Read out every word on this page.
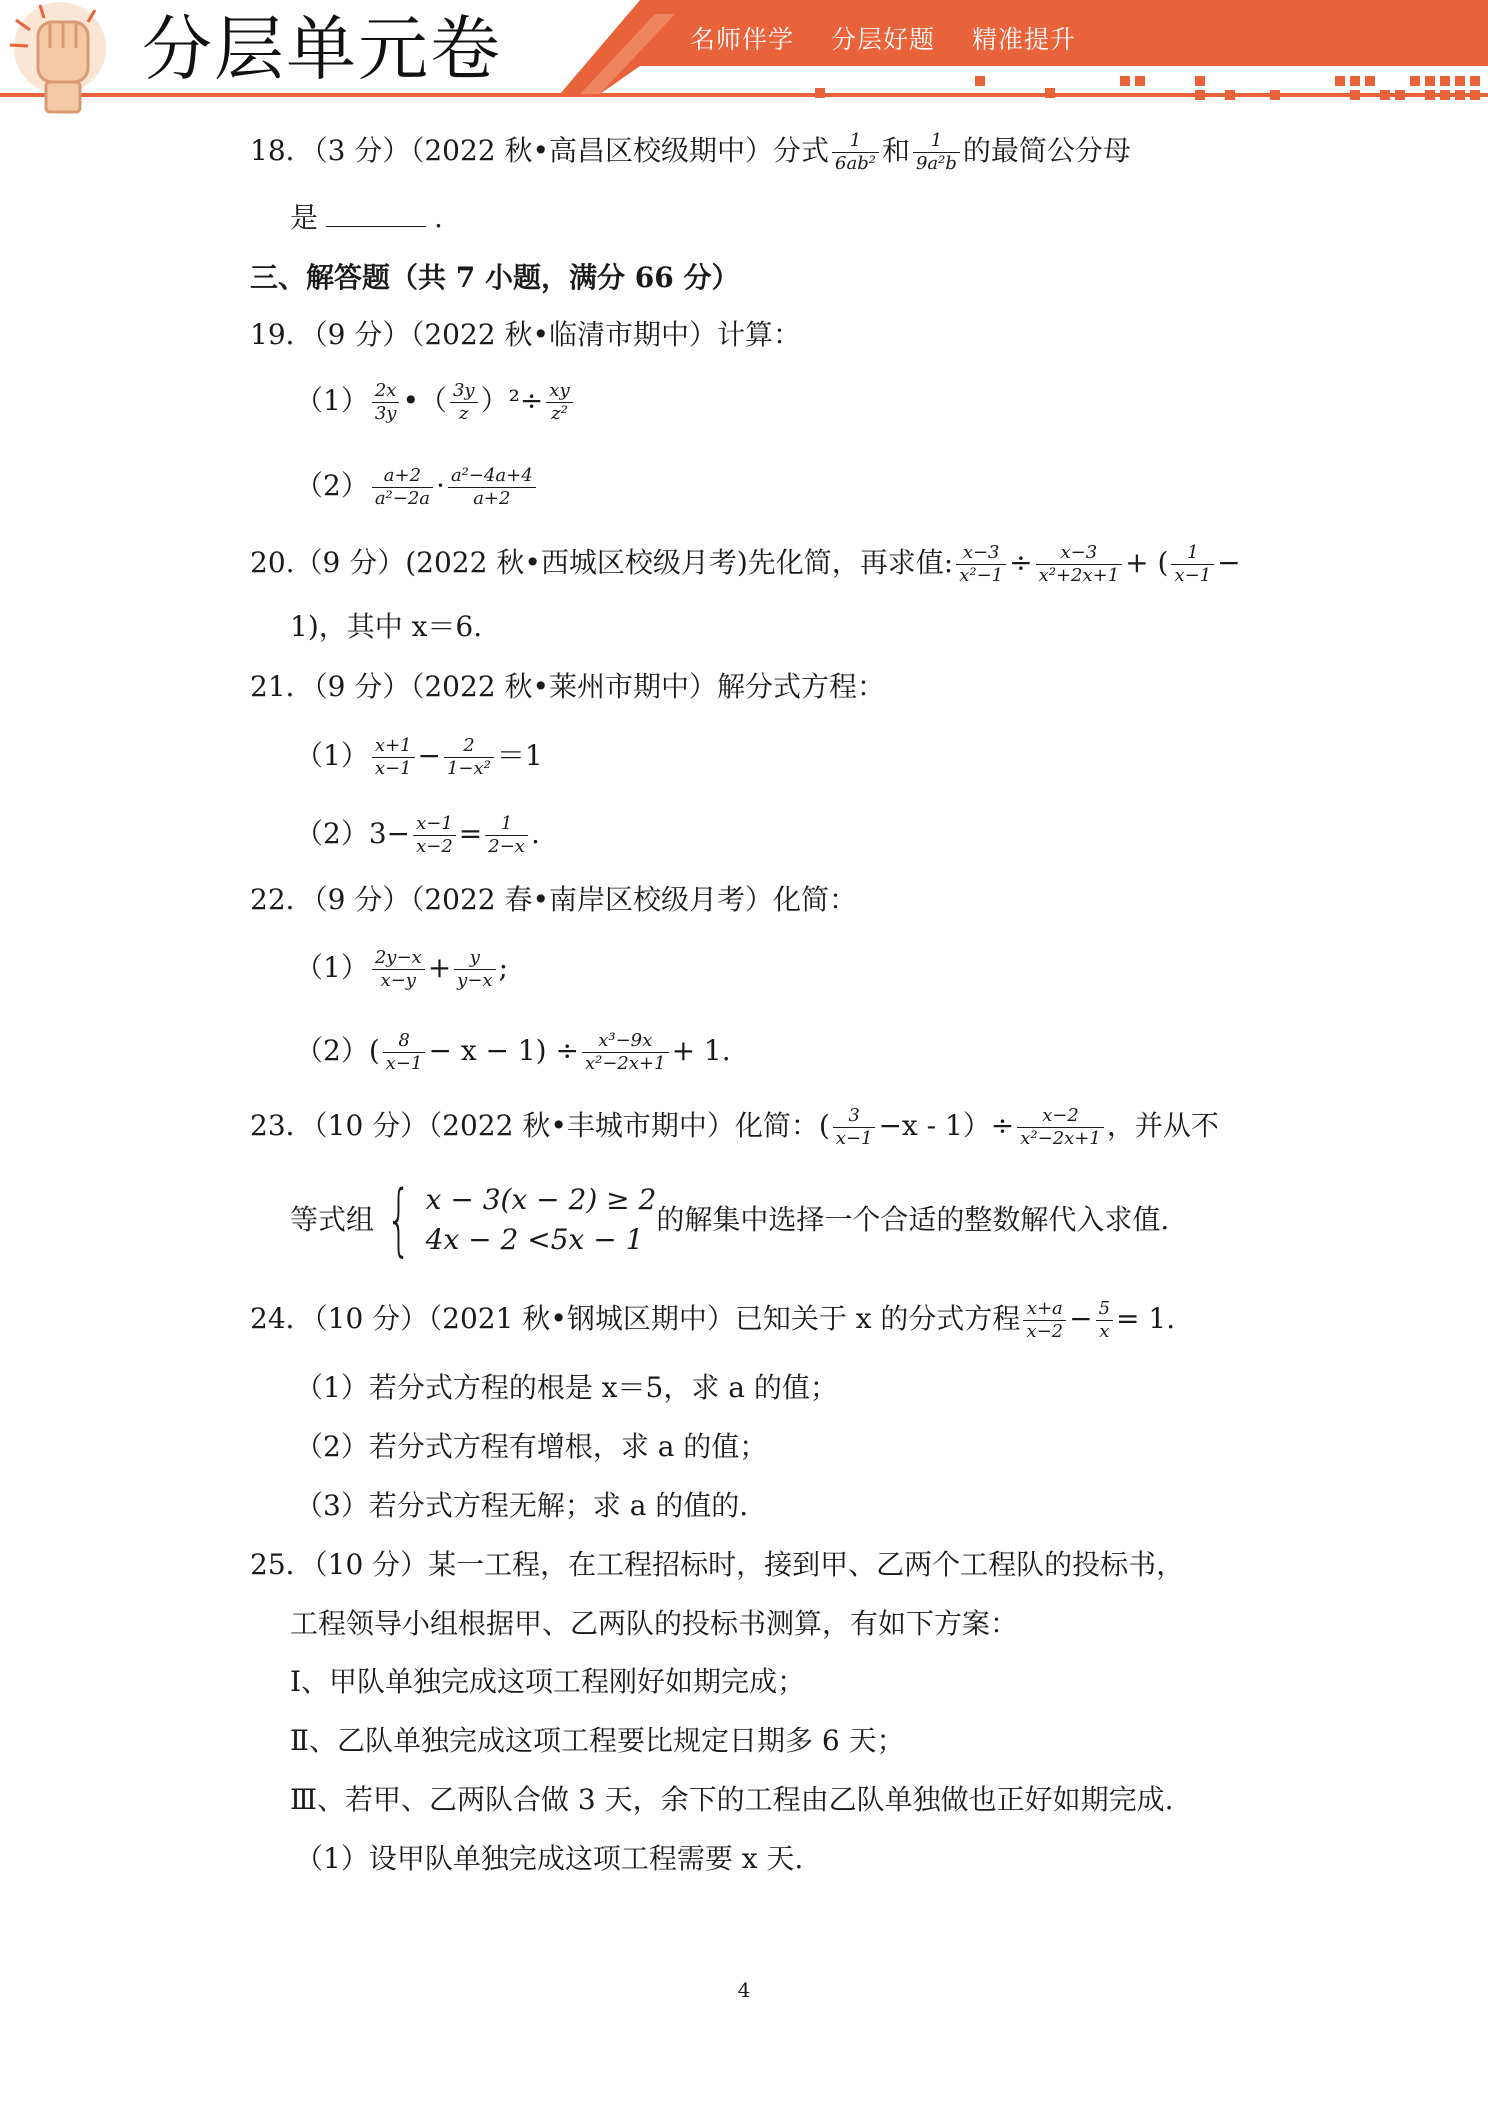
分层单元卷	名师伴学 分层好题 精准提升
18．（3 分）（2022 秋•高昌区校级期中）分式 $\frac{1}{\text{6ab²}}$ 和 $\frac{1}{\text{9a²b}}$ 的最简公分母
是	.
三、解答题（共 7 小题，满分 66 分）
19．（9 分）（2022 秋•临清市期中）计算：
$(1) \frac{2x}{3y}$ •（ $\frac{3y}{z} )^2\div \frac{xy}{\text{z²}}$
$(2) \frac{a+2}{\text{a²−2a}} \cdot \frac{\text{a²−4a+4}}{a+2}$
20.（9 分）(2022 秋•西城区校级月考)先化简，再求值: $\frac{x-3}{\text{x²−1}} \div \frac{x-3}{\text{x²+2x+1}}$ + ( $\frac{1}{x-1}$ −
1)，其中 x＝6.
21．（9 分）（2022 秋•莱州市期中）解分式方程：
$(1) \frac{x+1}{x-1} - \frac{2}{\text{1−x²}} =1$
$(2)3- \frac{x-1}{x-2} = \frac{1}{2-x}$ .
22．（9 分）（2022 春•南岸区校级月考）化简：
$(1) \frac{2y-x}{x-y} + \frac{y}{y-x}$ ;
$(2)( \frac{8}{x-1} - x - 1) \div \frac{\text{x³−9x}}{\text{x²−2x+1}} + 1$.
23．（10 分）（2022 秋•丰城市期中）化简：( $\frac{3}{x-1} -x - 1)\div \frac{x-2}{\text{x²−2x+1}}$ ，并从不
等式组 { x − 3(x − 2) ≥ 2
4x − 2 <5x − 1
的解集中选择一个合适的整数解代入求值.
24．（10 分）（2021 秋•钢城区期中）已知关于 x 的分式方程 $\frac{x+a}{x-2} - \frac{5}{x} = 1$.
（1）若分式方程的根是 x＝5，求 a 的值；
（2）若分式方程有增根，求 a 的值；
（3）若分式方程无解；求 a 的值的.
25．（10 分）某一工程，在工程招标时，接到甲、乙两个工程队的投标书，
工程领导小组根据甲、乙两队的投标书测算，有如下方案：
Ⅰ、甲队单独完成这项工程刚好如期完成；
Ⅱ、乙队单独完成这项工程要比规定日期多 6 天；
Ⅲ、若甲、乙两队合做 3 天，余下的工程由乙队单独做也正好如期完成.
（1）设甲队单独完成这项工程需要 x 天.
4
